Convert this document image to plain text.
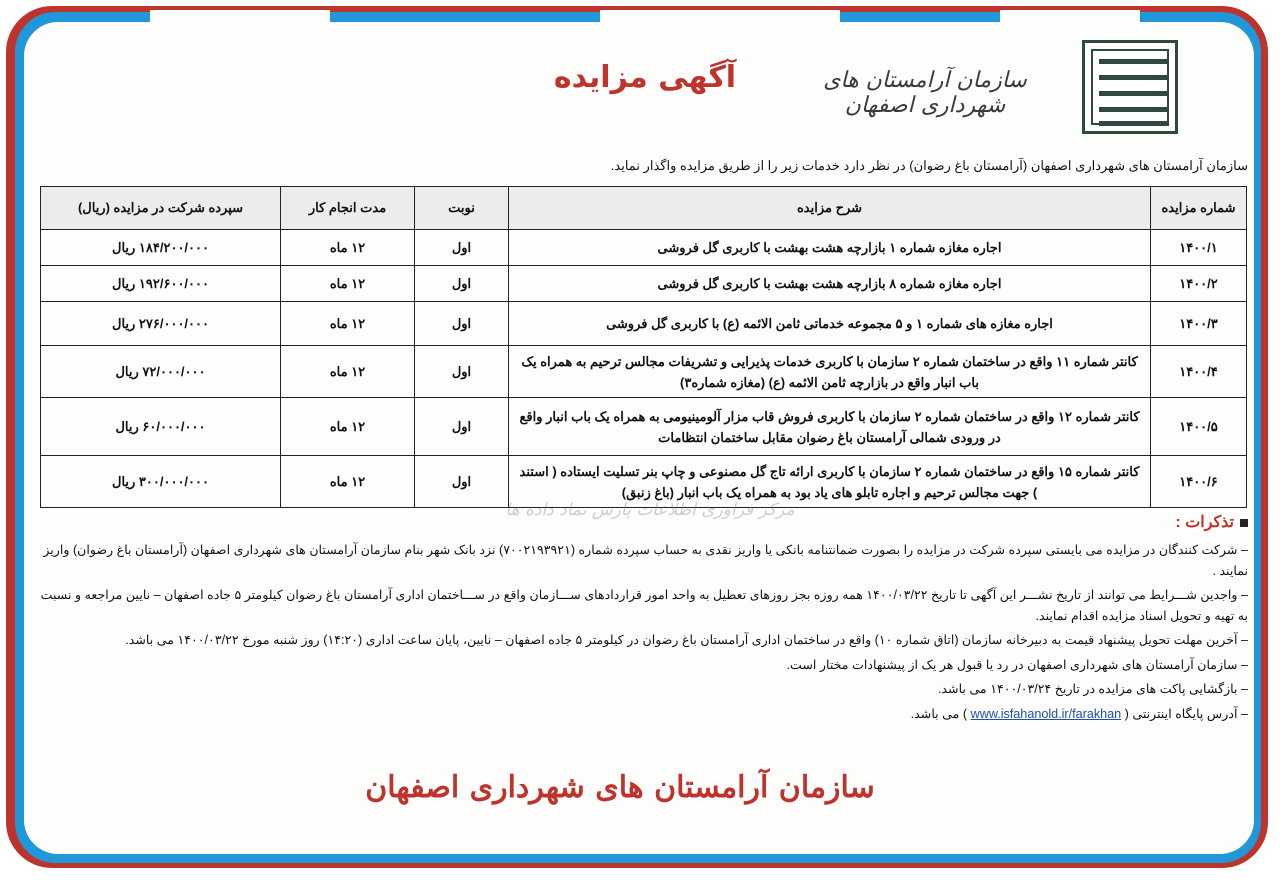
سازمان آرامستان های شهرداری اصفهان
آگهی مزایده
سازمان آرامستان های شهرداری اصفهان (آرامستان باغ رضوان) در نظر دارد خدمات زیر را از طریق مزایده واگذار نماید.
شماره مزایده	شرح مزایده	نوبت	مدت انجام کار	سپرده شرکت در مزایده (ریال)
۱۴۰۰/۱	اجاره مغازه شماره ۱ بازارچه هشت بهشت با کاربری گل فروشی	اول	۱۲ ماه	۱۸۴/۲۰۰/۰۰۰ ریال
۱۴۰۰/۲	اجاره مغازه شماره ۸ بازارچه هشت بهشت با کاربری گل فروشی	اول	۱۲ ماه	۱۹۲/۶۰۰/۰۰۰ ریال
۱۴۰۰/۳	اجاره مغازه های شماره ۱ و ۵ مجموعه خدماتی ثامن الائمه (ع) با کاربری گل فروشی	اول	۱۲ ماه	۲۷۶/۰۰۰/۰۰۰ ریال
۱۴۰۰/۴	کانتر شماره ۱۱ واقع در ساختمان شماره ۲ سازمان با کاربری خدمات پذیرایی و تشریفات مجالس ترحیم به همراه یک باب انبار واقع در بازارچه ثامن الائمه (ع) (مغازه شماره۳)	اول	۱۲ ماه	۷۲/۰۰۰/۰۰۰ ریال
۱۴۰۰/۵	کانتر شماره ۱۲ واقع در ساختمان شماره ۲ سازمان با کاربری فروش قاب مزار آلومینیومی به همراه یک باب انبار واقع در ورودی شمالی آرامستان باغ رضوان مقابل ساختمان انتظامات	اول	۱۲ ماه	۶۰/۰۰۰/۰۰۰ ریال
۱۴۰۰/۶	کانتر شماره ۱۵ واقع در ساختمان شماره ۲ سازمان با کاربری ارائه تاج گل مصنوعی و چاپ بنر تسلیت ایستاده ( استند ) جهت مجالس ترحیم و اجاره تابلو های یاد بود به همراه یک باب انبار (باغ زنبق)	اول	۱۲ ماه	۳۰۰/۰۰۰/۰۰۰ ریال
مرکز فراوری اطلاعات پارس نماد داده ها
تذکرات :

– شرکت کنندگان در مزایده می بایستی سپرده شرکت در مزایده را بصورت ضمانتنامه بانکی یا واریز نقدی به حساب سپرده شماره (۷۰۰۲۱۹۳۹۲۱) نزد بانک شهر بنام سازمان آرامستان های شهرداری اصفهان (آرامستان باغ رضوان) واریز نمایند .

– واجدین شـــرایط می توانند از تاریخ نشـــر این آگهی تا تاریخ ۱۴۰۰/۰۳/۲۲ همه روزه بجز روزهای تعطیل به واحد امور قراردادهای ســـازمان واقع در ســـاختمان اداری آرامستان باغ رضوان کیلومتر ۵ جاده اصفهان – نایین مراجعه و نسبت به تهیه و تحویل اسناد مزایده اقدام نمایند.

– آخرین مهلت تحویل پیشنهاد قیمت به دبیرخانه سازمان (اتاق شماره ۱۰) واقع در ساختمان اداری آرامستان باغ رضوان در کیلومتر ۵ جاده اصفهان – نایین، پایان ساعت اداری (۱۴:۲۰) روز شنبه مورخ ۱۴۰۰/۰۳/۲۲ می باشد.

– سازمان آرامستان های شهرداری اصفهان در رد یا قبول هر یک از پیشنهادات مختار است.

– بازگشایی پاکت های مزایده در تاریخ ۱۴۰۰/۰۳/۲۴ می باشد.

– آدرس پایگاه اینترنتی ( www.isfahanold.ir/farakhan ) می باشد.

سازمان آرامستان های شهرداری اصفهان
